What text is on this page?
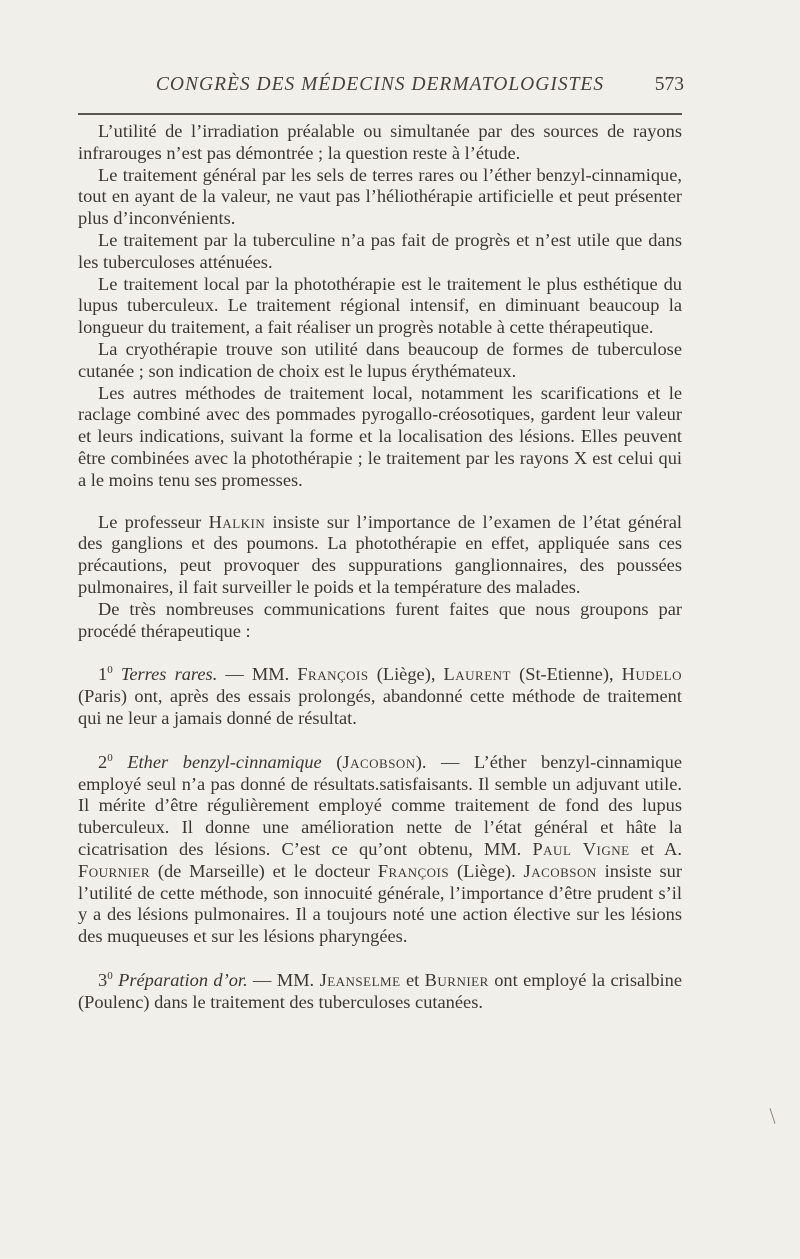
CONGRÈS DES MÉDECINS DERMATOLOGISTES	573

L’utilité de l’irradiation préalable ou simultanée par des sources de rayons infrarouges n’est pas démontrée ; la question reste à l’étude.

Le traitement général par les sels de terres rares ou l’éther benzyl-cinnamique, tout en ayant de la valeur, ne vaut pas l’héliothérapie artificielle et peut présenter plus d’inconvénients.

Le traitement par la tuberculine n’a pas fait de progrès et n’est utile que dans les tuberculoses atténuées.

Le traitement local par la photothérapie est le traitement le plus esthétique du lupus tuberculeux. Le traitement régional intensif, en diminuant beaucoup la longueur du traitement, a fait réaliser un progrès notable à cette thérapeutique.

La cryothérapie trouve son utilité dans beaucoup de formes de tuberculose cutanée ; son indication de choix est le lupus érythémateux.

Les autres méthodes de traitement local, notamment les scarifications et le raclage combiné avec des pommades pyrogallo-créosotiques, gardent leur valeur et leurs indications, suivant la forme et la localisation des lésions. Elles peuvent être combinées avec la photothérapie ; le traitement par les rayons X est celui qui a le moins tenu ses promesses.

Le professeur Halkin insiste sur l’importance de l’examen de l’état général des ganglions et des poumons. La photothérapie en effet, appliquée sans ces précautions, peut provoquer des suppurations ganglionnaires, des poussées pulmonaires, il fait surveiller le poids et la température des malades.

De très nombreuses communications furent faites que nous groupons par procédé thérapeutique :

$1^0$ Terres rares. — MM. François (Liège), Laurent (St-Etienne), Hudelo (Paris) ont, après des essais prolongés, abandonné cette méthode de traitement qui ne leur a jamais donné de résultat.

$2^0$ Ether benzyl-cinnamique (Jacobson). — L’éther benzyl-cinnamique employé seul n’a pas donné de résultats.satisfaisants. Il semble un adjuvant utile. Il mérite d’être régulièrement employé comme traitement de fond des lupus tuberculeux. Il donne une amélioration nette de l’état général et hâte la cicatrisation des lésions. C’est ce qu’ont obtenu, MM. Paul Vigne et A. Fournier (de Marseille) et le docteur François (Liège). Jacobson insiste sur l’utilité de cette méthode, son innocuité générale, l’importance d’être prudent s’il y a des lésions pulmonaires. Il a toujours noté une action élective sur les lésions des muqueuses et sur les lésions pharyngées.

$3^0$ Préparation d’or. — MM. Jeanselme et Burnier ont employé la crisalbine (Poulenc) dans le traitement des tuberculoses cutanées.
